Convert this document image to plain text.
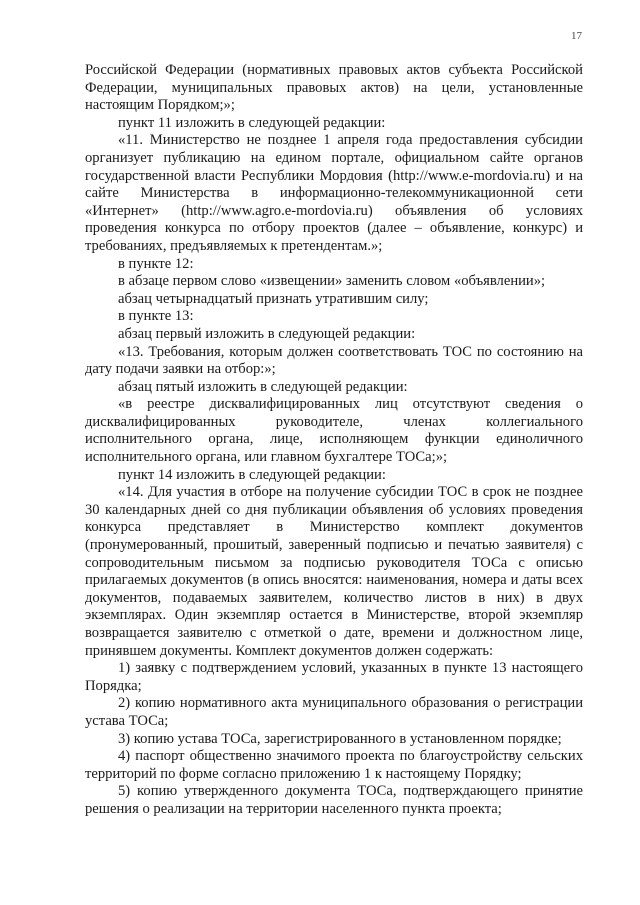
17

Российской Федерации (нормативных правовых актов субъекта Российской Федерации, муниципальных правовых актов) на цели, установленные настоящим Порядком;»;

пункт 11 изложить в следующей редакции:

«11. Министерство не позднее 1 апреля года предоставления субсидии организует публикацию на едином портале, официальном сайте органов государственной власти Республики Мордовия (http://www.e-mordovia.ru) и на сайте Министерства в информационно-телекоммуникационной сети «Интернет» (http://www.agro.e-mordovia.ru) объявления об условиях проведения конкурса по отбору проектов (далее – объявление, конкурс) и требованиях, предъявляемых к претендентам.»;

в пункте 12:

в абзаце первом слово «извещении» заменить словом «объявлении»;

абзац четырнадцатый признать утратившим силу;

в пункте 13:

абзац первый изложить в следующей редакции:

«13. Требования, которым должен соответствовать ТОС по состоянию на дату подачи заявки на отбор:»;

абзац пятый изложить в следующей редакции:

«в реестре дисквалифицированных лиц отсутствуют сведения о дисквалифицированных руководителе, членах коллегиального исполнительного органа, лице, исполняющем функции единоличного исполнительного органа, или главном бухгалтере ТОСа;»;

пункт 14 изложить в следующей редакции:

«14. Для участия в отборе на получение субсидии ТОС в срок не позднее 30 календарных дней со дня публикации объявления об условиях проведения конкурса представляет в Министерство комплект документов (пронумерованный, прошитый, заверенный подписью и печатью заявителя) с сопроводительным письмом за подписью руководителя ТОСа с описью прилагаемых документов (в опись вносятся: наименования, номера и даты всех документов, подаваемых заявителем, количество листов в них) в двух экземплярах. Один экземпляр остается в Министерстве, второй экземпляр возвращается заявителю с отметкой о дате, времени и должностном лице, принявшем документы. Комплект документов должен содержать:

1) заявку с подтверждением условий, указанных в пункте 13 настоящего Порядка;

2) копию нормативного акта муниципального образования о регистрации устава ТОСа;

3) копию устава ТОСа, зарегистрированного в установленном порядке;

4) паспорт общественно значимого проекта по благоустройству сельских территорий по форме согласно приложению 1 к настоящему Порядку;

5) копию утвержденного документа ТОСа, подтверждающего принятие решения о реализации на территории населенного пункта проекта;
